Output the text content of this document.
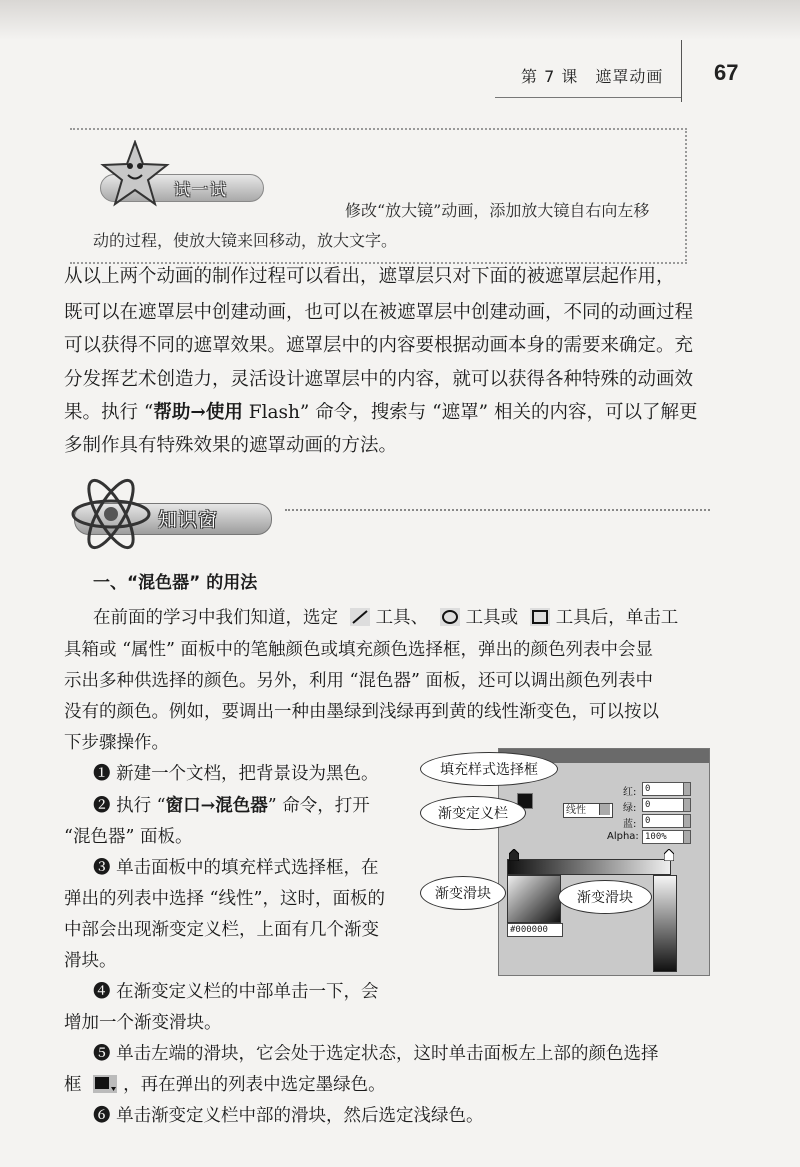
第 7 课　遮罩动画 67
试一试
修改“放大镜”动画，添加放大镜自右向左移
动的过程，使放大镜来回移动，放大文字。
从以上两个动画的制作过程可以看出，遮罩层只对下面的被遮罩层起作用，
既可以在遮罩层中创建动画，也可以在被遮罩层中创建动画，不同的动画过程
可以获得不同的遮罩效果。遮罩层中的内容要根据动画本身的需要来确定。充
分发挥艺术创造力，灵活设计遮罩层中的内容，就可以获得各种特殊的动画效
果。执行 “帮助→使用 Flash” 命令，搜索与 “遮罩” 相关的内容，可以了解更
多制作具有特殊效果的遮罩动画的方法。
知识窗
一、“混色器” 的用法
在前面的学习中我们知道，选定 工具、 工具或 工具后，单击工
具箱或 “属性” 面板中的笔触颜色或填充颜色选择框，弹出的颜色列表中会显
示出多种供选择的颜色。另外，利用 “混色器” 面板，还可以调出颜色列表中
没有的颜色。例如，要调出一种由墨绿到浅绿再到黄的线性渐变色，可以按以
下步骤操作。
❶ 新建一个文档，把背景设为黑色。
❷ 执行 “窗口→混色器” 命令，打开
“混色器” 面板。
❸ 单击面板中的填充样式选择框，在
弹出的列表中选择 “线性”，这时，面板的
中部会出现渐变定义栏，上面有几个渐变
滑块。
❹ 在渐变定义栏的中部单击一下，会
增加一个渐变滑块。
❺ 单击左端的滑块，它会处于选定状态，这时单击面板左上部的颜色选择
框 ，再在弹出的列表中选定墨绿色。
❻ 单击渐变定义栏中部的滑块，然后选定浅绿色。
线性
红: 0
绿: 0
蓝: 0
Alpha: 100%
#000000
填充样式选择框
渐变定义栏
渐变滑块	渐变滑块
